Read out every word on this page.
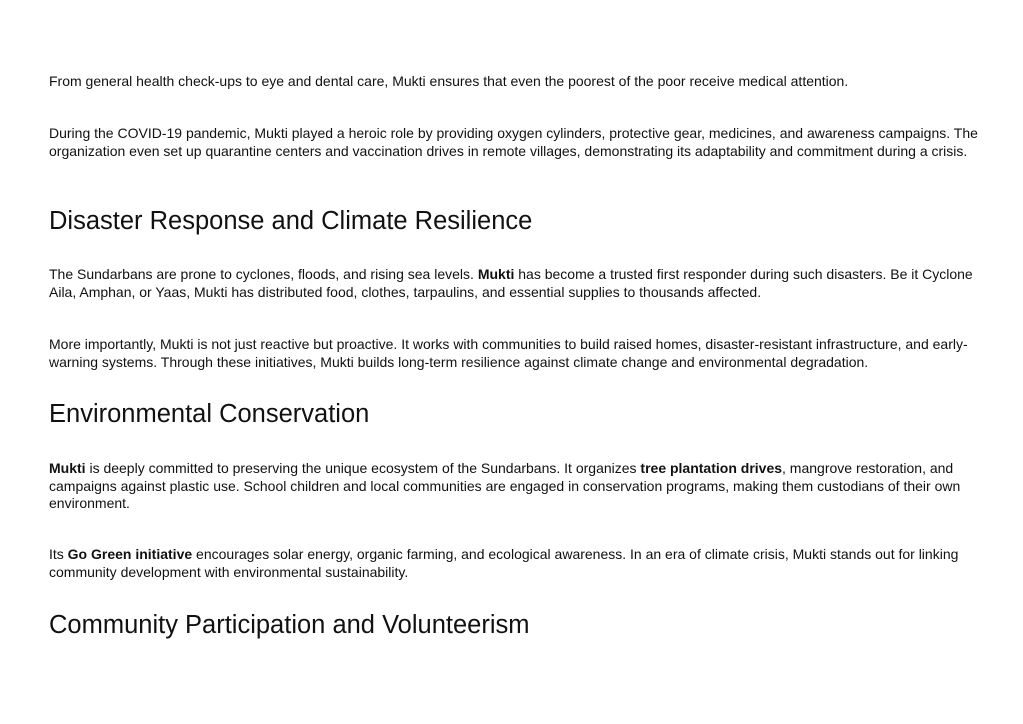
From general health check-ups to eye and dental care, Mukti ensures that even the poorest of the poor receive medical attention.

During the COVID-19 pandemic, Mukti played a heroic role by providing oxygen cylinders, protective gear, medicines, and awareness campaigns. The organization even set up quarantine centers and vaccination drives in remote villages, demonstrating its adaptability and commitment during a crisis.

Disaster Response and Climate Resilience

The Sundarbans are prone to cyclones, floods, and rising sea levels. Mukti has become a trusted first responder during such disasters. Be it Cyclone Aila, Amphan, or Yaas, Mukti has distributed food, clothes, tarpaulins, and essential supplies to thousands affected.

More importantly, Mukti is not just reactive but proactive. It works with communities to build raised homes, disaster-resistant infrastructure, and early-warning systems. Through these initiatives, Mukti builds long-term resilience against climate change and environmental degradation.

Environmental Conservation

Mukti is deeply committed to preserving the unique ecosystem of the Sundarbans. It organizes tree plantation drives, mangrove restoration, and campaigns against plastic use. School children and local communities are engaged in conservation programs, making them custodians of their own environment.

Its Go Green initiative encourages solar energy, organic farming, and ecological awareness. In an era of climate crisis, Mukti stands out for linking community development with environmental sustainability.

Community Participation and Volunteerism
